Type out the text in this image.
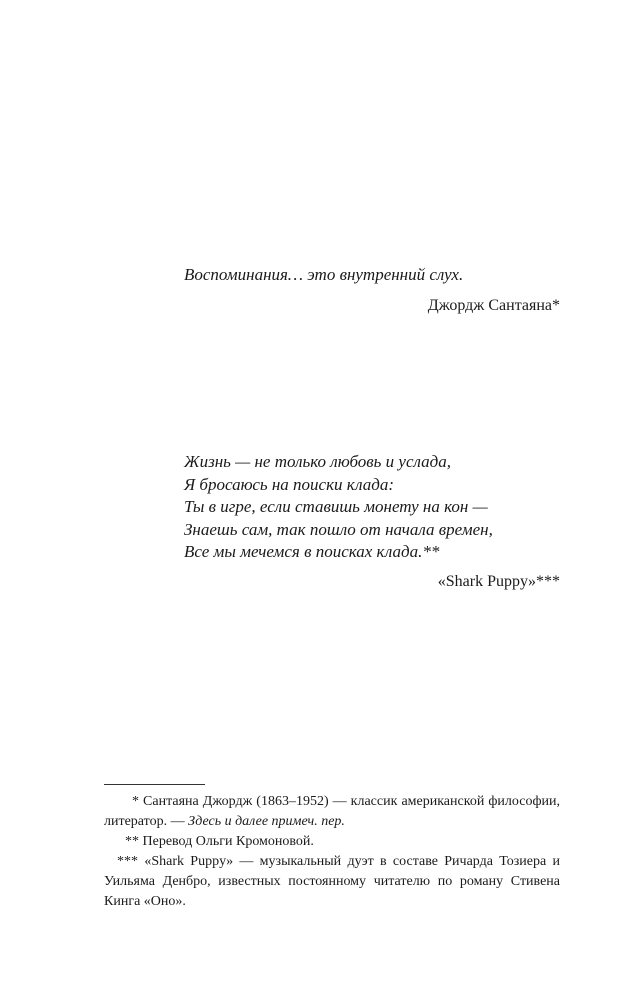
Воспоминания… это внутренний слух.
Джордж Сантаяна*
Жизнь — не только любовь и услада,
Я бросаюсь на поиски клада:
Ты в игре, если ставишь монету на кон —
Знаешь сам, так пошло от начала времен,
Все мы мечемся в поисках клада.**
«Shark Puppy»***
* Сантаяна Джордж (1863–1952) — классик американской философии, литератор. — Здесь и далее примеч. пер.
** Перевод Ольги Кромоновой.
*** «Shark Puppy» — музыкальный дуэт в составе Ричарда Тозиера и Уильяма Денбро, известных постоянному читателю по роману Стивена Кинга «Оно».
